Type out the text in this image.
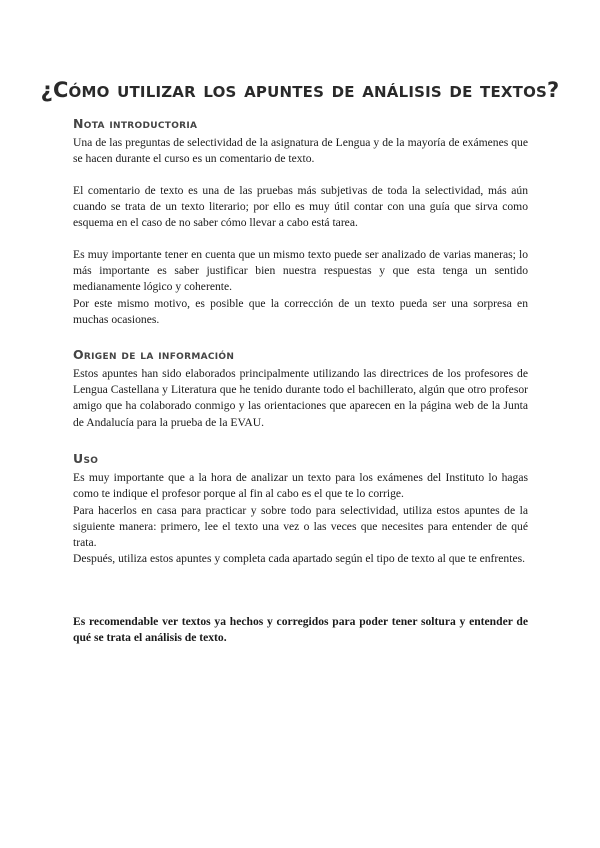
¿Cómo utilizar los apuntes de análisis de textos?
Nota introductoria

Una de las preguntas de selectividad de la asignatura de Lengua y de la mayoría de exámenes que se hacen durante el curso es un comentario de texto.

El comentario de texto es una de las pruebas más subjetivas de toda la selectividad, más aún cuando se trata de un texto literario; por ello es muy útil contar con una guía que sirva como esquema en el caso de no saber cómo llevar a cabo está tarea.

Es muy importante tener en cuenta que un mismo texto puede ser analizado de varias maneras; lo más importante es saber justificar bien nuestra respuestas y que esta tenga un sentido medianamente lógico y coherente.

Por este mismo motivo, es posible que la corrección de un texto pueda ser una sorpresa en muchas ocasiones.

Origen de la información

Estos apuntes han sido elaborados principalmente utilizando las directrices de los profesores de Lengua Castellana y Literatura que he tenido durante todo el bachillerato, algún que otro profesor amigo que ha colaborado conmigo y las orientaciones que aparecen en la página web de la Junta de Andalucía para la prueba de la EVAU.

Uso

Es muy importante que a la hora de analizar un texto para los exámenes del Instituto lo hagas como te indique el profesor porque al fin al cabo es el que te lo corrige.

Para hacerlos en casa para practicar y sobre todo para selectividad, utiliza estos apuntes de la siguiente manera: primero, lee el texto una vez o las veces que necesites para entender de qué trata.

Después, utiliza estos apuntes y completa cada apartado según el tipo de texto al que te enfrentes.

Es recomendable ver textos ya hechos y corregidos para poder tener soltura y entender de qué se trata el análisis de texto.
